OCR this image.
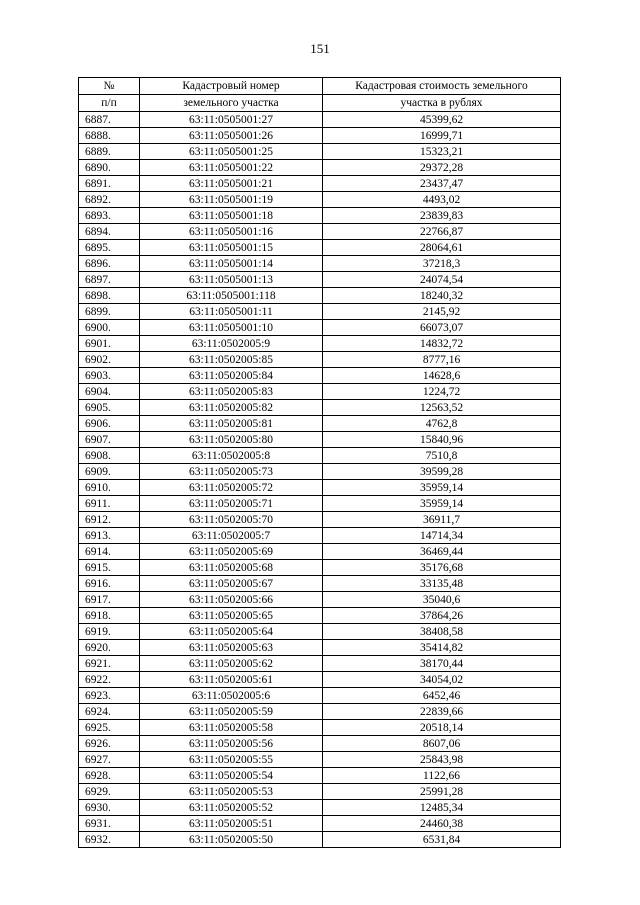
151
№	Кадастровый номер	Кадастровая стоимость земельного
п/п	земельного участка	участка в рублях
6887.	63:11:0505001:27	45399,62
6888.	63:11:0505001:26	16999,71
6889.	63:11:0505001:25	15323,21
6890.	63:11:0505001:22	29372,28
6891.	63:11:0505001:21	23437,47
6892.	63:11:0505001:19	4493,02
6893.	63:11:0505001:18	23839,83
6894.	63:11:0505001:16	22766,87
6895.	63:11:0505001:15	28064,61
6896.	63:11:0505001:14	37218,3
6897.	63:11:0505001:13	24074,54
6898.	63:11:0505001:118	18240,32
6899.	63:11:0505001:11	2145,92
6900.	63:11:0505001:10	66073,07
6901.	63:11:0502005:9	14832,72
6902.	63:11:0502005:85	8777,16
6903.	63:11:0502005:84	14628,6
6904.	63:11:0502005:83	1224,72
6905.	63:11:0502005:82	12563,52
6906.	63:11:0502005:81	4762,8
6907.	63:11:0502005:80	15840,96
6908.	63:11:0502005:8	7510,8
6909.	63:11:0502005:73	39599,28
6910.	63:11:0502005:72	35959,14
6911.	63:11:0502005:71	35959,14
6912.	63:11:0502005:70	36911,7
6913.	63:11:0502005:7	14714,34
6914.	63:11:0502005:69	36469,44
6915.	63:11:0502005:68	35176,68
6916.	63:11:0502005:67	33135,48
6917.	63:11:0502005:66	35040,6
6918.	63:11:0502005:65	37864,26
6919.	63:11:0502005:64	38408,58
6920.	63:11:0502005:63	35414,82
6921.	63:11:0502005:62	38170,44
6922.	63:11:0502005:61	34054,02
6923.	63:11:0502005:6	6452,46
6924.	63:11:0502005:59	22839,66
6925.	63:11:0502005:58	20518,14
6926.	63:11:0502005:56	8607,06
6927.	63:11:0502005:55	25843,98
6928.	63:11:0502005:54	1122,66
6929.	63:11:0502005:53	25991,28
6930.	63:11:0502005:52	12485,34
6931.	63:11:0502005:51	24460,38
6932.	63:11:0502005:50	6531,84
